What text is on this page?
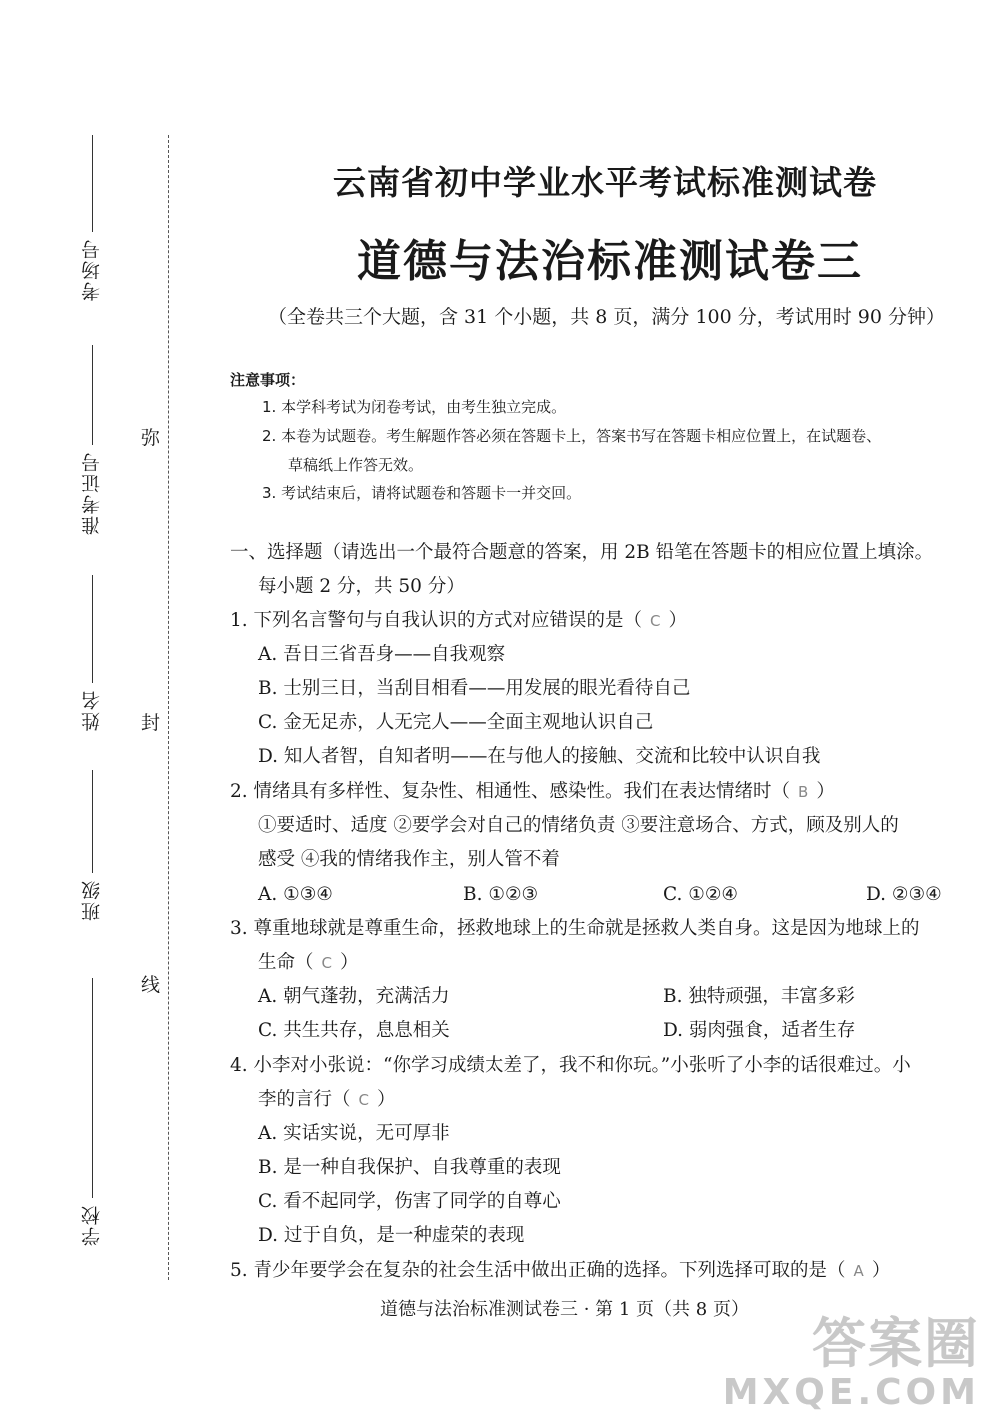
考场号
准考证号
姓名
班级
学校
弥
封
线
云南省初中学业水平考试标准测试卷
道德与法治标准测试卷三
（全卷共三个大题，含 31 个小题，共 8 页，满分 100 分，考试用时 90 分钟）
注意事项：
1. 本学科考试为闭卷考试，由考生独立完成。
2. 本卷为试题卷。考生解题作答必须在答题卡上，答案书写在答题卡相应位置上，在试题卷、
草稿纸上作答无效。
3. 考试结束后，请将试题卷和答题卡一并交回。
一、选择题（请选出一个最符合题意的答案，用 2B 铅笔在答题卡的相应位置上填涂。
每小题 2 分，共 50 分）
1. 下列名言警句与自我认识的方式对应错误的是（ C ）
A. 吾日三省吾身——自我观察
B. 士别三日，当刮目相看——用发展的眼光看待自己
C. 金无足赤，人无完人——全面主观地认识自己
D. 知人者智，自知者明——在与他人的接触、交流和比较中认识自我
2. 情绪具有多样性、复杂性、相通性、感染性。我们在表达情绪时（ B ）
①要适时、适度 ②要学会对自己的情绪负责 ③要注意场合、方式，顾及别人的
感受 ④我的情绪我作主，别人管不着
A. ①③④	B. ①②③	C. ①②④	D. ②③④
3. 尊重地球就是尊重生命，拯救地球上的生命就是拯救人类自身。这是因为地球上的
生命（ C ）
A. 朝气蓬勃，充满活力	B. 独特顽强，丰富多彩
C. 共生共存，息息相关	D. 弱肉强食，适者生存
4. 小李对小张说：“你学习成绩太差了，我不和你玩。”小张听了小李的话很难过。小
李的言行（ C ）
A. 实话实说，无可厚非
B. 是一种自我保护、自我尊重的表现
C. 看不起同学，伤害了同学的自尊心
D. 过于自负，是一种虚荣的表现
5. 青少年要学会在复杂的社会生活中做出正确的选择。下列选择可取的是（ A ）
道德与法治标准测试卷三 · 第 1 页（共 8 页）
答案圈
MXQE.COM
